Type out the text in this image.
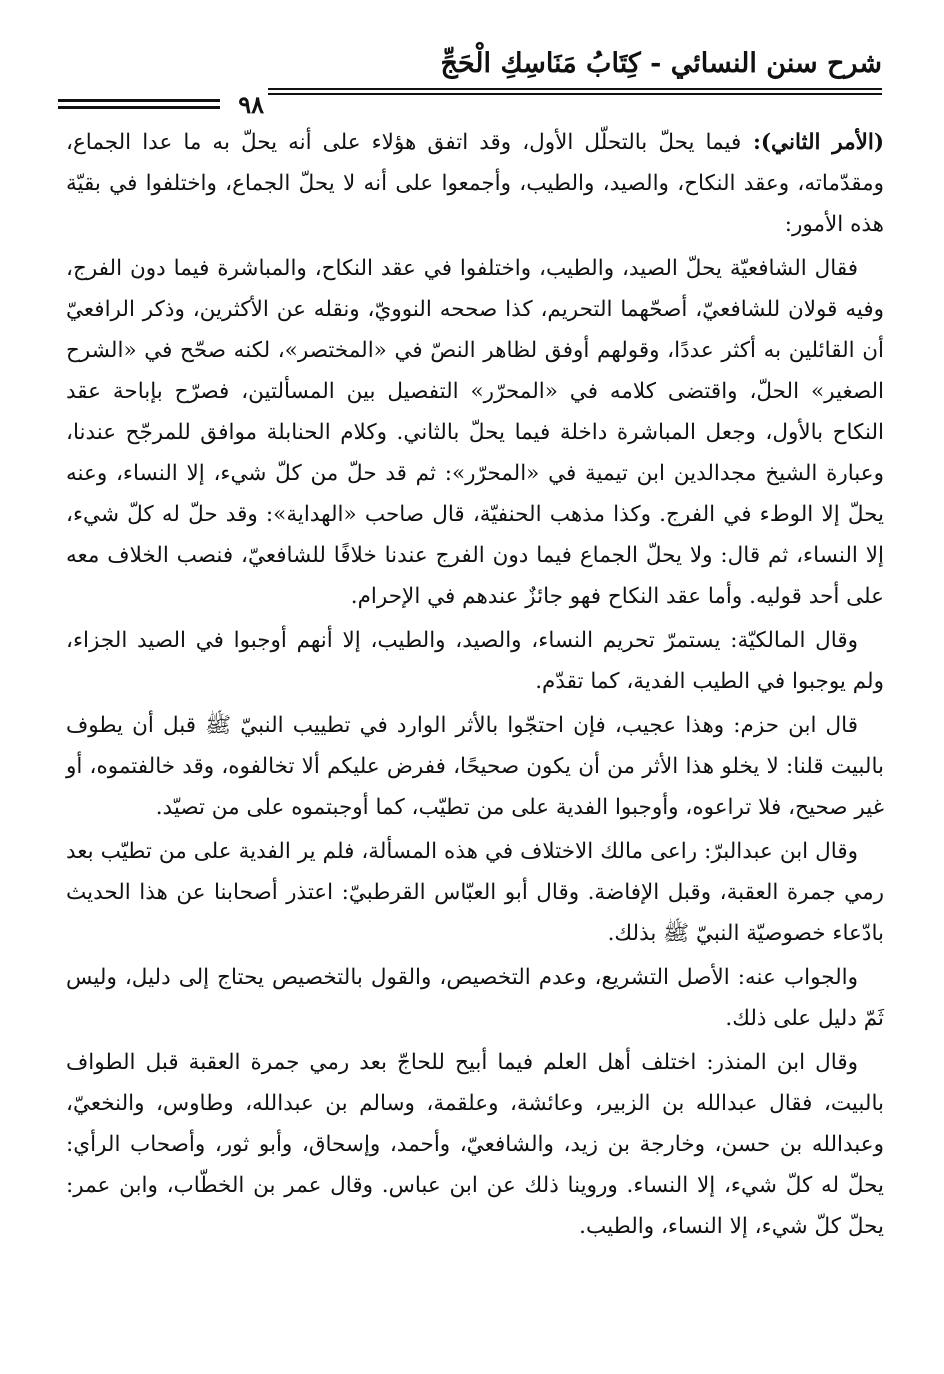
شرح سنن النسائي - كِتَابُ مَنَاسِكِ الْحَجِّ
٩٨

(الأمر الثاني): فيما يحلّ بالتحلّل الأول، وقد اتفق هؤلاء على أنه يحلّ به ما عدا الجماع، ومقدّماته، وعقد النكاح، والصيد، والطيب، وأجمعوا على أنه لا يحلّ الجماع، واختلفوا في بقيّة هذه الأمور:

فقال الشافعيّة يحلّ الصيد، والطيب، واختلفوا في عقد النكاح، والمباشرة فيما دون الفرج، وفيه قولان للشافعيّ، أصحّهما التحريم، كذا صححه النوويّ، ونقله عن الأكثرين، وذكر الرافعيّ أن القائلين به أكثر عددًا، وقولهم أوفق لظاهر النصّ في «المختصر»، لكنه صحّح في «الشرح الصغير» الحلّ، واقتضى كلامه في «المحرّر» التفصيل بين المسألتين، فصرّح بإباحة عقد النكاح بالأول، وجعل المباشرة داخلة فيما يحلّ بالثاني. وكلام الحنابلة موافق للمرجّح عندنا، وعبارة الشيخ مجدالدين ابن تيمية في «المحرّر»: ثم قد حلّ من كلّ شيء، إلا النساء، وعنه يحلّ إلا الوطء في الفرج. وكذا مذهب الحنفيّة، قال صاحب «الهداية»: وقد حلّ له كلّ شيء، إلا النساء، ثم قال: ولا يحلّ الجماع فيما دون الفرج عندنا خلافًا للشافعيّ، فنصب الخلاف معه على أحد قوليه. وأما عقد النكاح فهو جائزٌ عندهم في الإحرام.

وقال المالكيّة: يستمرّ تحريم النساء، والصيد، والطيب، إلا أنهم أوجبوا في الصيد الجزاء، ولم يوجبوا في الطيب الفدية، كما تقدّم.

قال ابن حزم: وهذا عجيب، فإن احتجّوا بالأثر الوارد في تطييب النبيّ ﷺ قبل أن يطوف بالبيت قلنا: لا يخلو هذا الأثر من أن يكون صحيحًا، ففرض عليكم ألا تخالفوه، وقد خالفتموه، أو غير صحيح، فلا تراعوه، وأوجبوا الفدية على من تطيّب، كما أوجبتموه على من تصيّد.

وقال ابن عبدالبرّ: راعى مالك الاختلاف في هذه المسألة، فلم ير الفدية على من تطيّب بعد رمي جمرة العقبة، وقبل الإفاضة. وقال أبو العبّاس القرطبيّ: اعتذر أصحابنا عن هذا الحديث بادّعاء خصوصيّة النبيّ ﷺ بذلك.

والجواب عنه: الأصل التشريع، وعدم التخصيص، والقول بالتخصيص يحتاج إلى دليل، وليس ثَمّ دليل على ذلك.

وقال ابن المنذر: اختلف أهل العلم فيما أبيح للحاجّ بعد رمي جمرة العقبة قبل الطواف بالبيت، فقال عبدالله بن الزبير، وعائشة، وعلقمة، وسالم بن عبدالله، وطاوس، والنخعيّ، وعبدالله بن حسن، وخارجة بن زيد، والشافعيّ، وأحمد، وإسحاق، وأبو ثور، وأصحاب الرأي: يحلّ له كلّ شيء، إلا النساء. وروينا ذلك عن ابن عباس. وقال عمر بن الخطّاب، وابن عمر: يحلّ كلّ شيء، إلا النساء، والطيب.
